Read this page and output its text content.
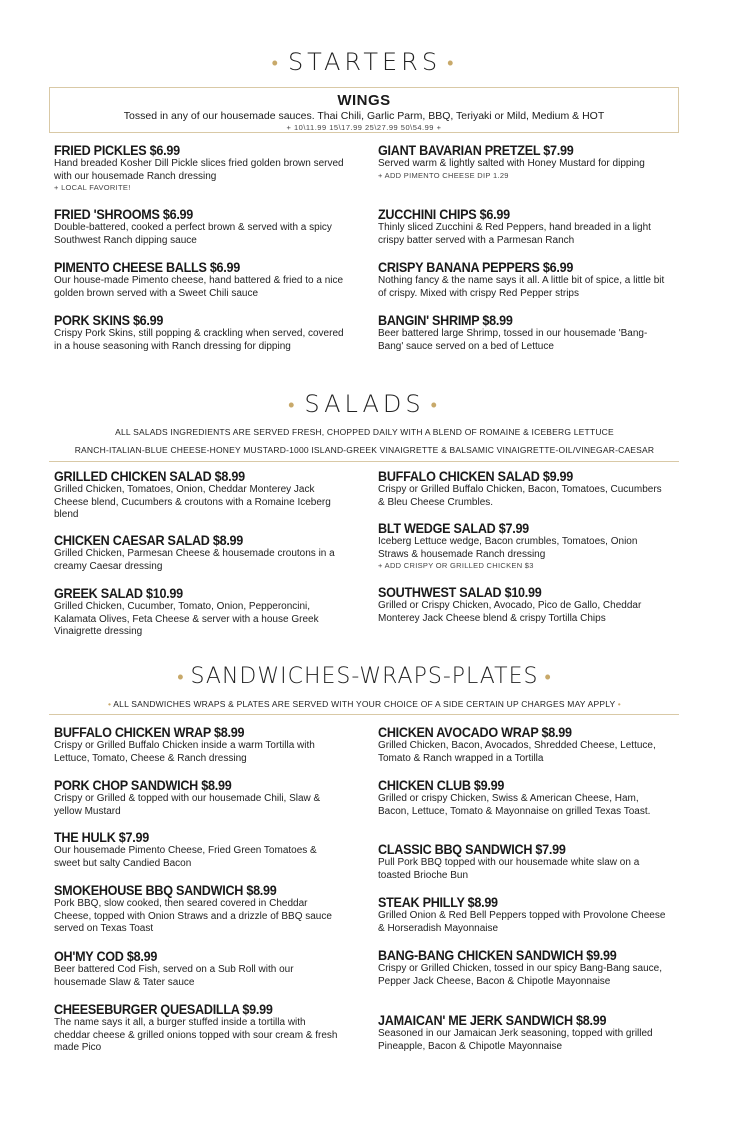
• STARTERS •
WINGS
Tossed in any of our housemade sauces. Thai Chili, Garlic Parm, BBQ, Teriyaki or Mild, Medium & HOT
+ 10\11.99 15\17.99 25\27.99 50\54.99 +
FRIED PICKLES $6.99
Hand breaded Kosher Dill Pickle slices fried golden brown served with our housemade Ranch dressing
+ LOCAL FAVORITE!
FRIED 'SHROOMS $6.99
Double-battered, cooked a perfect brown & served with a spicy Southwest Ranch dipping sauce
PIMENTO CHEESE BALLS $6.99
Our house-made Pimento cheese, hand battered & fried to a nice golden brown served with a Sweet Chili sauce
PORK SKINS $6.99
Crispy Pork Skins, still popping & crackling when served, covered in a house seasoning with Ranch dressing for dipping
GIANT BAVARIAN PRETZEL $7.99
Served warm & lightly salted with Honey Mustard for dipping
+ ADD PIMENTO CHEESE DIP 1.29
ZUCCHINI CHIPS $6.99
Thinly sliced Zucchini & Red Peppers, hand breaded in a light crispy batter served with a Parmesan Ranch
CRISPY BANANA PEPPERS $6.99
Nothing fancy & the name says it all. A little bit of spice, a little bit of crispy. Mixed with crispy Red Pepper strips
BANGIN' SHRIMP $8.99
Beer battered large Shrimp, tossed in our housemade 'Bang-Bang' sauce served on a bed of Lettuce
• SALADS •
ALL SALADS INGREDIENTS ARE SERVED FRESH, CHOPPED DAILY WITH A BLEND OF ROMAINE & ICEBERG LETTUCE
RANCH-ITALIAN-BLUE CHEESE-HONEY MUSTARD-1000 ISLAND-GREEK VINAIGRETTE & BALSAMIC VINAIGRETTE-OIL/VINEGAR-CAESAR
GRILLED CHICKEN SALAD $8.99
Grilled Chicken, Tomatoes, Onion, Cheddar Monterey Jack Cheese blend, Cucumbers & croutons with a Romaine Iceberg blend
CHICKEN CAESAR SALAD $8.99
Grilled Chicken, Parmesan Cheese & housemade croutons in a creamy Caesar dressing
GREEK SALAD $10.99
Grilled Chicken, Cucumber, Tomato, Onion, Pepperoncini, Kalamata Olives, Feta Cheese & server with a house Greek Vinaigrette dressing
BUFFALO CHICKEN SALAD $9.99
Crispy or Grilled Buffalo Chicken, Bacon, Tomatoes, Cucumbers & Bleu Cheese Crumbles.
BLT WEDGE SALAD $7.99
Iceberg Lettuce wedge, Bacon crumbles, Tomatoes, Onion Straws & housemade Ranch dressing
+ ADD CRISPY OR GRILLED CHICKEN $3
SOUTHWEST SALAD $10.99
Grilled or Crispy Chicken, Avocado, Pico de Gallo, Cheddar Monterey Jack Cheese blend & crispy Tortilla Chips
• SANDWICHES-WRAPS-PLATES •
• ALL SANDWICHES WRAPS & PLATES ARE SERVED WITH YOUR CHOICE OF A SIDE CERTAIN UP CHARGES MAY APPLY •
BUFFALO CHICKEN WRAP $8.99
Crispy or Grilled Buffalo Chicken inside a warm Tortilla with Lettuce, Tomato, Cheese & Ranch dressing
PORK CHOP SANDWICH $8.99
Crispy or Grilled & topped with our housemade Chili, Slaw & yellow Mustard
THE HULK $7.99
Our housemade Pimento Cheese, Fried Green Tomatoes & sweet but salty Candied Bacon
SMOKEHOUSE BBQ SANDWICH $8.99
Pork BBQ, slow cooked, then seared covered in Cheddar Cheese, topped with Onion Straws and a drizzle of BBQ sauce served on Texas Toast
OH'MY COD $8.99
Beer battered Cod Fish, served on a Sub Roll with our housemade Slaw & Tater sauce
CHEESEBURGER QUESADILLA $9.99
The name says it all, a burger stuffed inside a tortilla with cheddar cheese & grilled onions topped with sour cream & fresh made Pico
CHICKEN AVOCADO WRAP $8.99
Grilled Chicken, Bacon, Avocados, Shredded Cheese, Lettuce, Tomato & Ranch wrapped in a Tortilla
CHICKEN CLUB $9.99
Grilled or crispy Chicken, Swiss & American Cheese, Ham, Bacon, Lettuce, Tomato & Mayonnaise on grilled Texas Toast.
CLASSIC BBQ SANDWICH $7.99
Pull Pork BBQ topped with our housemade white slaw on a toasted Brioche Bun
STEAK PHILLY $8.99
Grilled Onion & Red Bell Peppers topped with Provolone Cheese & Horseradish Mayonnaise
BANG-BANG CHICKEN SANDWICH $9.99
Crispy or Grilled Chicken, tossed in our spicy Bang-Bang sauce, Pepper Jack Cheese, Bacon & Chipotle Mayonnaise
JAMAICAN' ME JERK SANDWICH $8.99
Seasoned in our Jamaican Jerk seasoning, topped with grilled Pineapple, Bacon & Chipotle Mayonnaise
